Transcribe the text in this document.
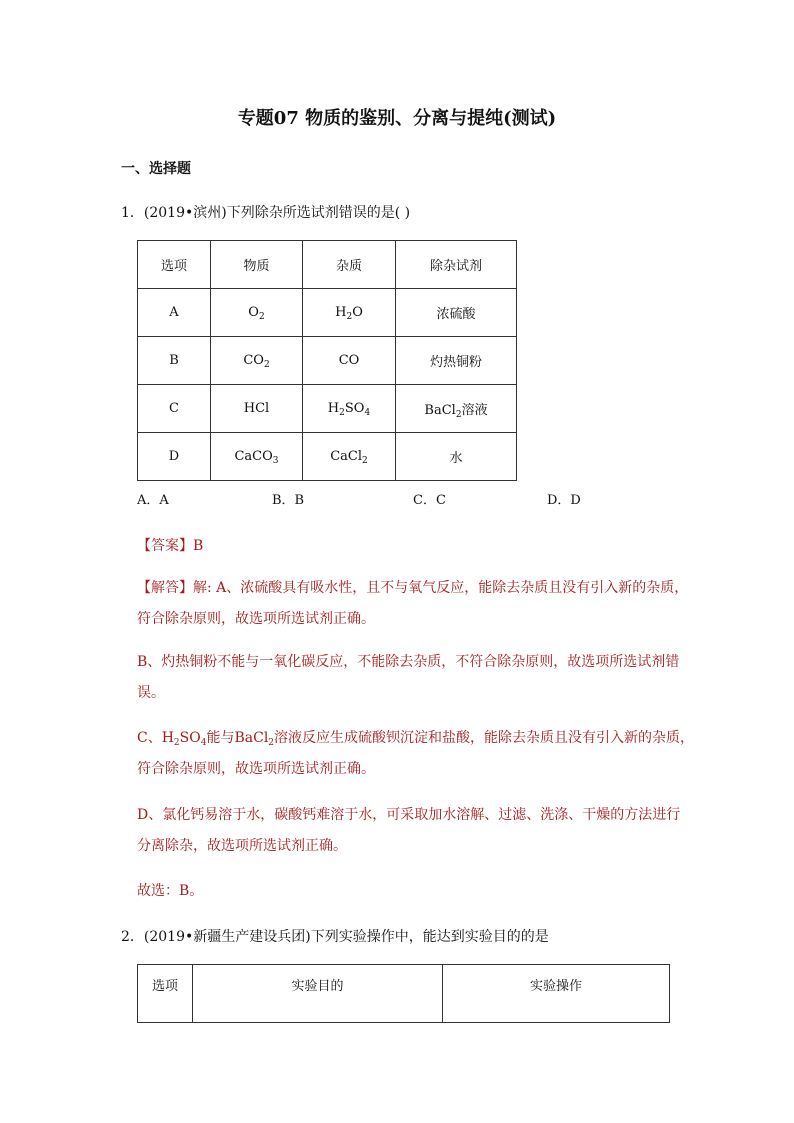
专题07 物质的鉴别、分离与提纯(测试)
一、选择题
1．(2019•滨州)下列除杂所选试剂错误的是( )
选项	物质	杂质	除杂试剂
A	$O_2$	$H_2O$	浓硫酸
B	$CO_2$	CO	灼热铜粉
C	HCl	$H_2SO_4$	BaCl$_2$溶液
D	CaCO$_3$	CaCl$_2$	水
A．A	B．B	C．C	D．D
【答案】B
【解答】解: A、浓硫酸具有吸水性，且不与氧气反应，能除去杂质且没有引入新的杂质，
符合除杂原则，故选项所选试剂正确。
B、灼热铜粉不能与一氧化碳反应，不能除去杂质，不符合除杂原则，故选项所选试剂错
误。
C、$H_2SO_4$能与BaCl$_2$溶液反应生成硫酸钡沉淀和盐酸，能除去杂质且没有引入新的杂质，
符合除杂原则，故选项所选试剂正确。
D、氯化钙易溶于水，碳酸钙难溶于水，可采取加水溶解、过滤、洗涤、干燥的方法进行
分离除杂，故选项所选试剂正确。
故选：B。
2．(2019•新疆生产建设兵团)下列实验操作中，能达到实验目的的是
选项	实验目的	实验操作
